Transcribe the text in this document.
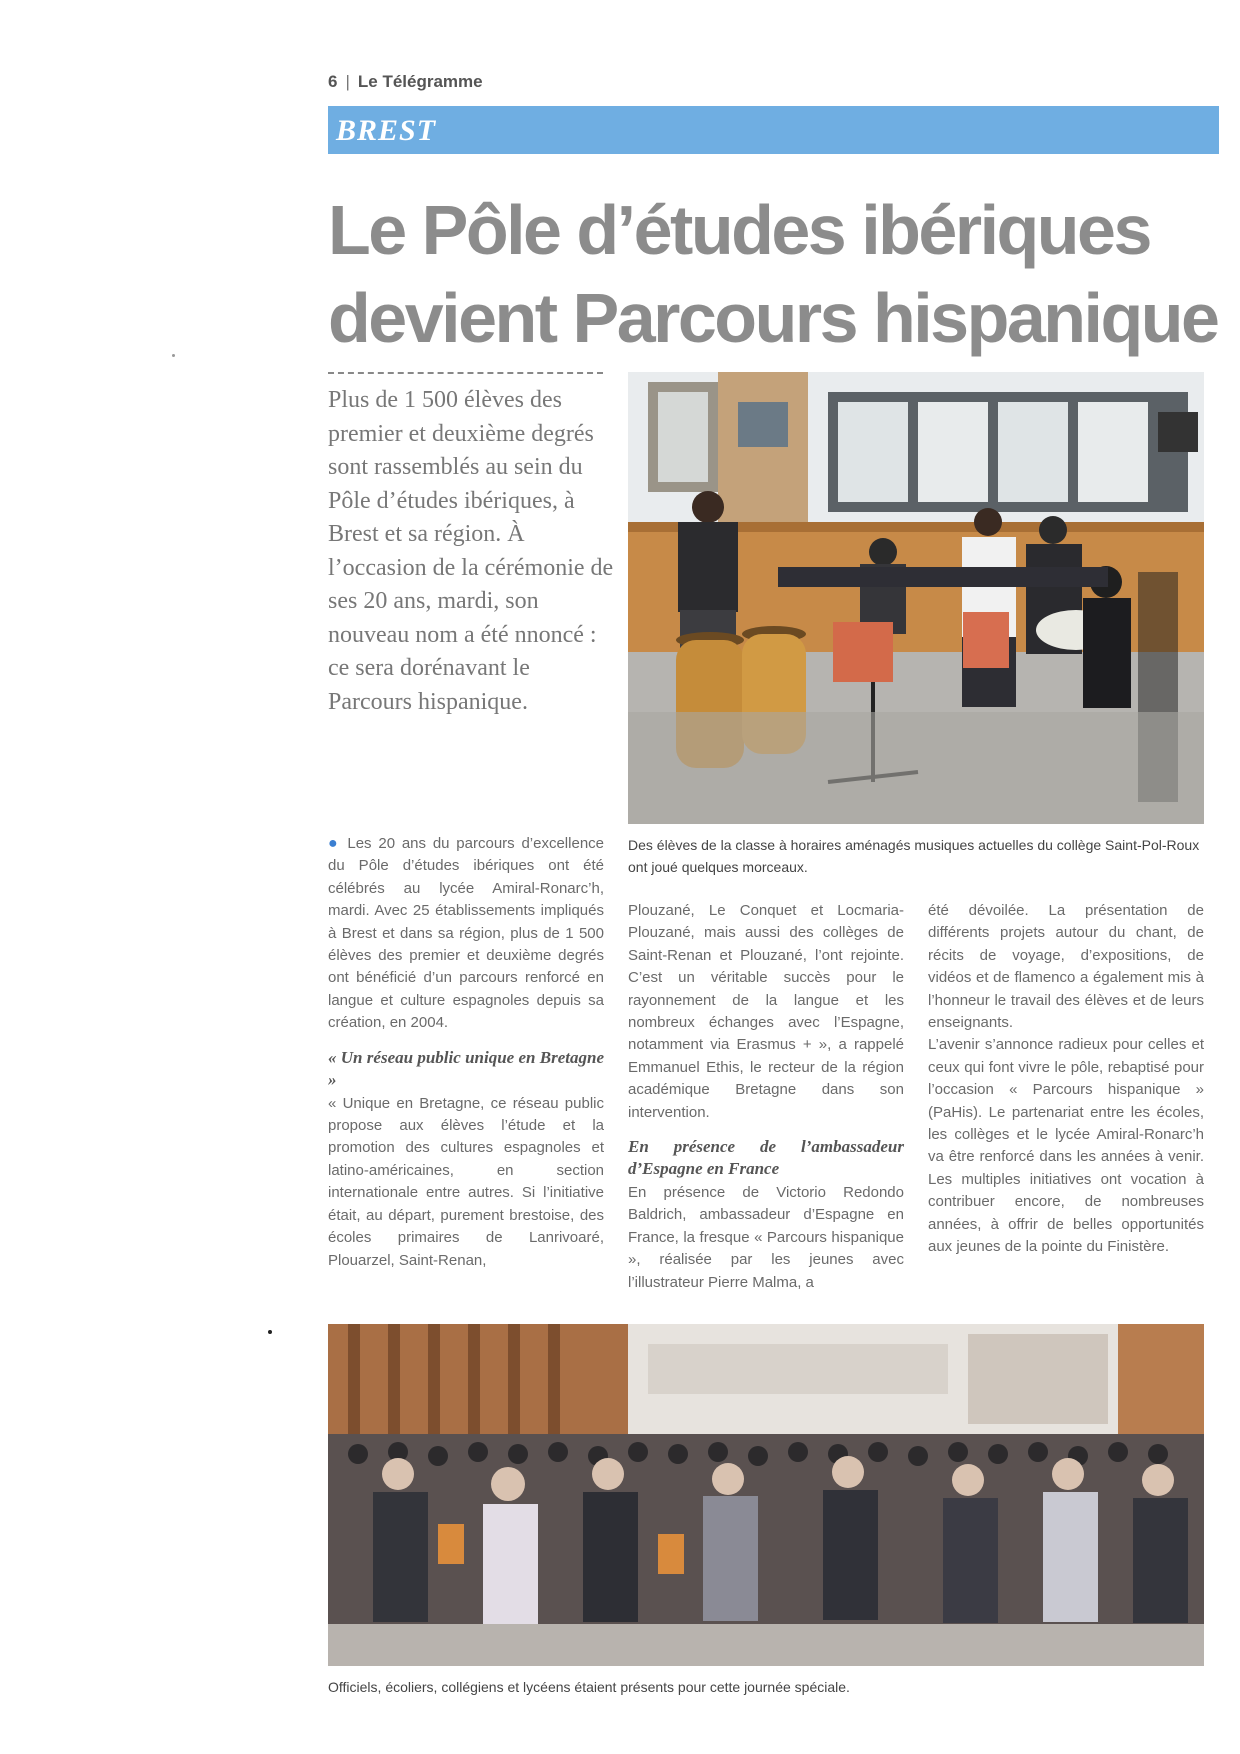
6 | Le Télégramme
BREST
Le Pôle d’études ibériques
devient Parcours hispanique
Plus de 1 500 élèves des premier et deuxième degrés sont rassemblés au sein du Pôle d’études ibériques, à Brest et sa région. À l’occasion de la cérémonie de ses 20 ans, mardi, son nouveau nom a été nnoncé : ce sera dorénavant le Parcours hispanique.
Des élèves de la classe à horaires aménagés musiques actuelles du collège Saint-Pol-Roux ont joué quelques morceaux.

● Les 20 ans du parcours d’excellence du Pôle d’études ibériques ont été célébrés au lycée Amiral-Ronarc’h, mardi. Avec 25 établissements impliqués à Brest et dans sa région, plus de 1 500 élèves des premier et deuxième degrés ont bénéficié d’un parcours renforcé en langue et culture espagnoles depuis sa création, en 2004.

« Un réseau public unique en Bretagne »

« Unique en Bretagne, ce réseau public propose aux élèves l’étude et la promotion des cultures espagnoles et latino-américaines, en section internationale entre autres. Si l’initiative était, au départ, purement brestoise, des écoles primaires de Lanrivoaré, Plouarzel, Saint-Renan,

Plouzané, Le Conquet et Locmaria-Plouzané, mais aussi des collèges de Saint-Renan et Plouzané, l’ont rejointe. C’est un véritable succès pour le rayonnement de la langue et les nombreux échanges avec l’Espagne, notamment via Erasmus + », a rappelé Emmanuel Ethis, le recteur de la région académique Bretagne dans son intervention.

En présence de l’ambassadeur d’Espagne en France

En présence de Victorio Redondo Baldrich, ambassadeur d’Espagne en France, la fresque « Parcours hispanique », réalisée par les jeunes avec l’illustrateur Pierre Malma, a

été dévoilée. La présentation de différents projets autour du chant, de récits de voyage, d’expositions, de vidéos et de flamenco a également mis à l’honneur le travail des élèves et de leurs enseignants.

L’avenir s’annonce radieux pour celles et ceux qui font vivre le pôle, rebaptisé pour l’occasion « Parcours hispanique » (PaHis). Le partenariat entre les écoles, les collèges et le lycée Amiral-Ronarc’h va être renforcé dans les années à venir. Les multiples initiatives ont vocation à contribuer encore, de nombreuses années, à offrir de belles opportunités aux jeunes de la pointe du Finistère.

Officiels, écoliers, collégiens et lycéens étaient présents pour cette journée spéciale.
